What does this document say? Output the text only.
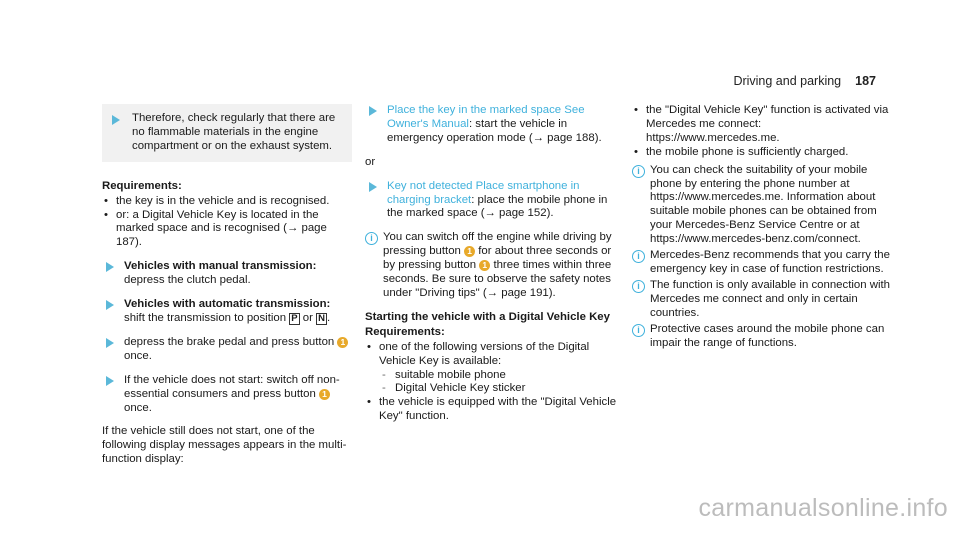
Driving and parking 187
Therefore, check regularly that there are no flammable materials in the engine compartment or on the exhaust system.
Requirements:
• the key is in the vehicle and is recognised.
• or: a Digital Vehicle Key is located in the marked space and is recognised (→ page 187).
Vehicles with manual transmission:
depress the clutch pedal.
Vehicles with automatic transmission:
shift the transmission to position P or N .
depress the brake pedal and press button 1 once.
If the vehicle does not start: switch off non-essential consumers and press button 1 once.

If the vehicle still does not start, one of the following display messages appears in the multi-function display:

Place the key in the marked space See Owner's Manual: start the vehicle in emergency operation mode (→ page 188).

or

Key not detected Place smartphone in charging bracket: place the mobile phone in the marked space (→ page 152).
i You can switch off the engine while driving by pressing button 1 for about three seconds or by pressing button 1 three times within three seconds. Be sure to observe the safety notes under "Driving tips" (→ page 191).
Starting the vehicle with a Digital Vehicle Key
Requirements:
• one of the following versions of the Digital Vehicle Key is available:
- suitable mobile phone
- Digital Vehicle Key sticker
• the vehicle is equipped with the "Digital Vehicle Key" function.
• the "Digital Vehicle Key" function is activated via Mercedes me connect: https://www.mercedes.me.
• the mobile phone is sufficiently charged.
i You can check the suitability of your mobile phone by entering the phone number at https://www.mercedes.me. Information about suitable mobile phones can be obtained from your Mercedes-Benz Service Centre or at https://www.mercedes-benz.com/connect.
i Mercedes-Benz recommends that you carry the emergency key in case of function restrictions.
i The function is only available in connection with Mercedes me connect and only in certain countries.
i Protective cases around the mobile phone can impair the range of functions.
carmanualsonline.info
